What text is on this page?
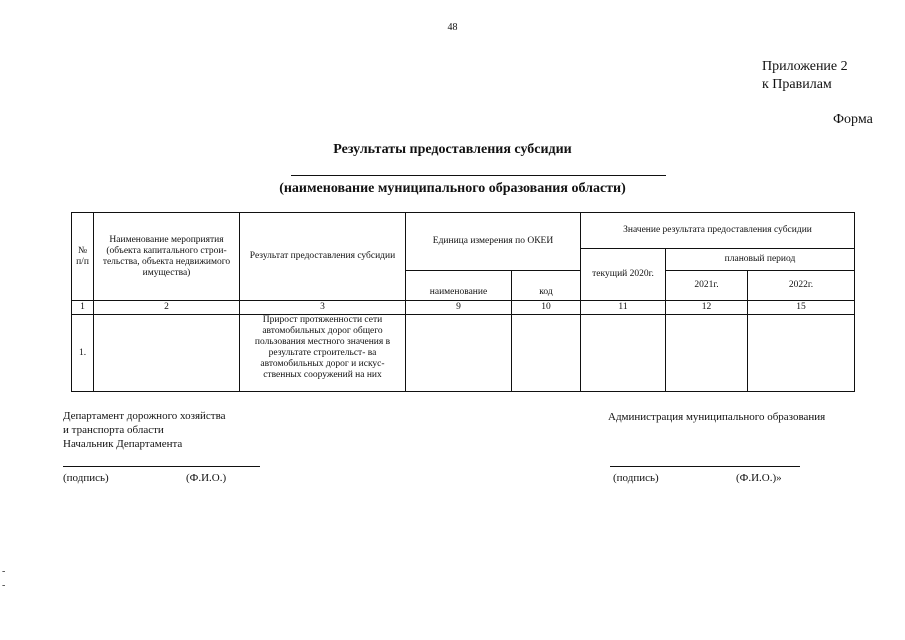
48
Приложение 2
к Правилам
Форма
Результаты предоставления субсидии
(наименование муниципального образования области)
№ п/п	Наименование мероприятия (объекта капитального строи-тельства, объекта недвижимого имущества)	Результат предоставления субсидии	Единица измерения по ОКЕИ		Значение результата предоставления субсидии		
					текущий 2020г.	плановый период	
			наименование	код		2021г.	2022г.
1	2	3	9	10	11	12	15
1.		Прирост протяженности сети автомобильных дорог общего пользования местного значения в результате строительст- ва автомобильных дорог и искус- ственных сооружений на них					
Департамент дорожного хозяйства
и транспорта области
Начальник Департамента
(подпись)	(Ф.И.О.)
Администрация муниципального образования
(подпись)	(Ф.И.О.)»
-
-
